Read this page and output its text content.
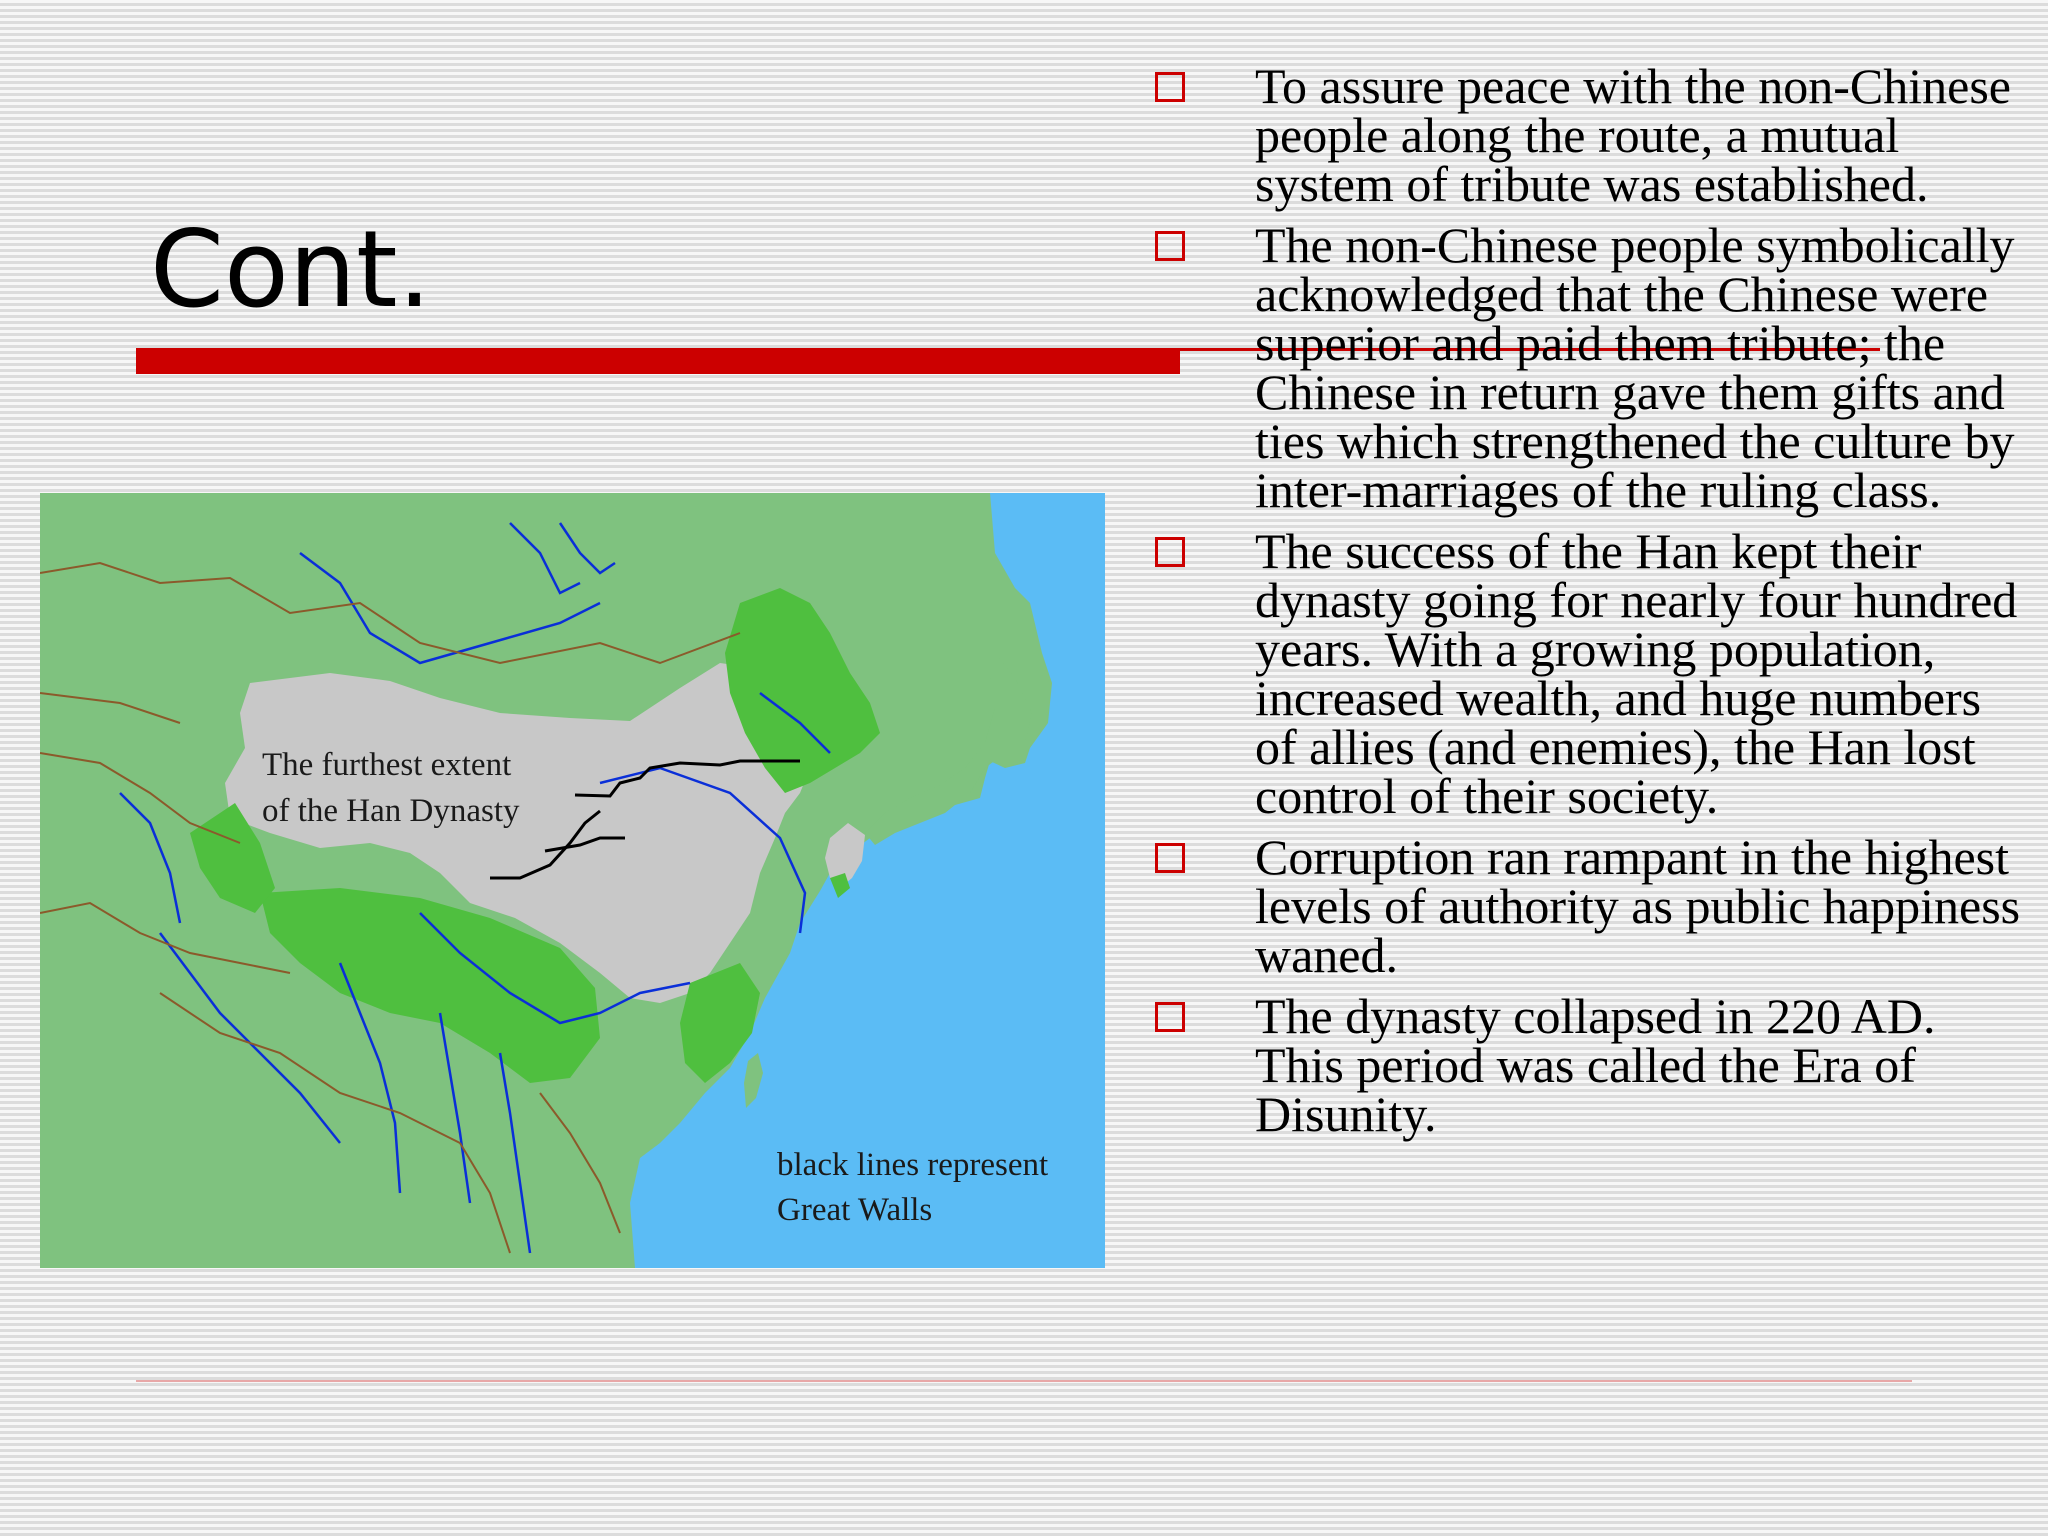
Cont.
The furthest extent
of the Han Dynasty
black lines represent
Great Walls
To assure peace with the non-Chinese people along the route, a mutual system of tribute was established.
The non-Chinese people symbolically acknowledged that the Chinese were superior and paid them tribute; the Chinese in return gave them gifts and ties which strengthened the culture by inter-marriages of the ruling class.
The success of the Han kept their dynasty going for nearly four hundred years. With a growing population, increased wealth, and huge numbers of allies (and enemies), the Han lost control of their society.
Corruption ran rampant in the highest levels of authority as public happiness waned.
The dynasty collapsed in 220 AD. This period was called the Era of Disunity.
